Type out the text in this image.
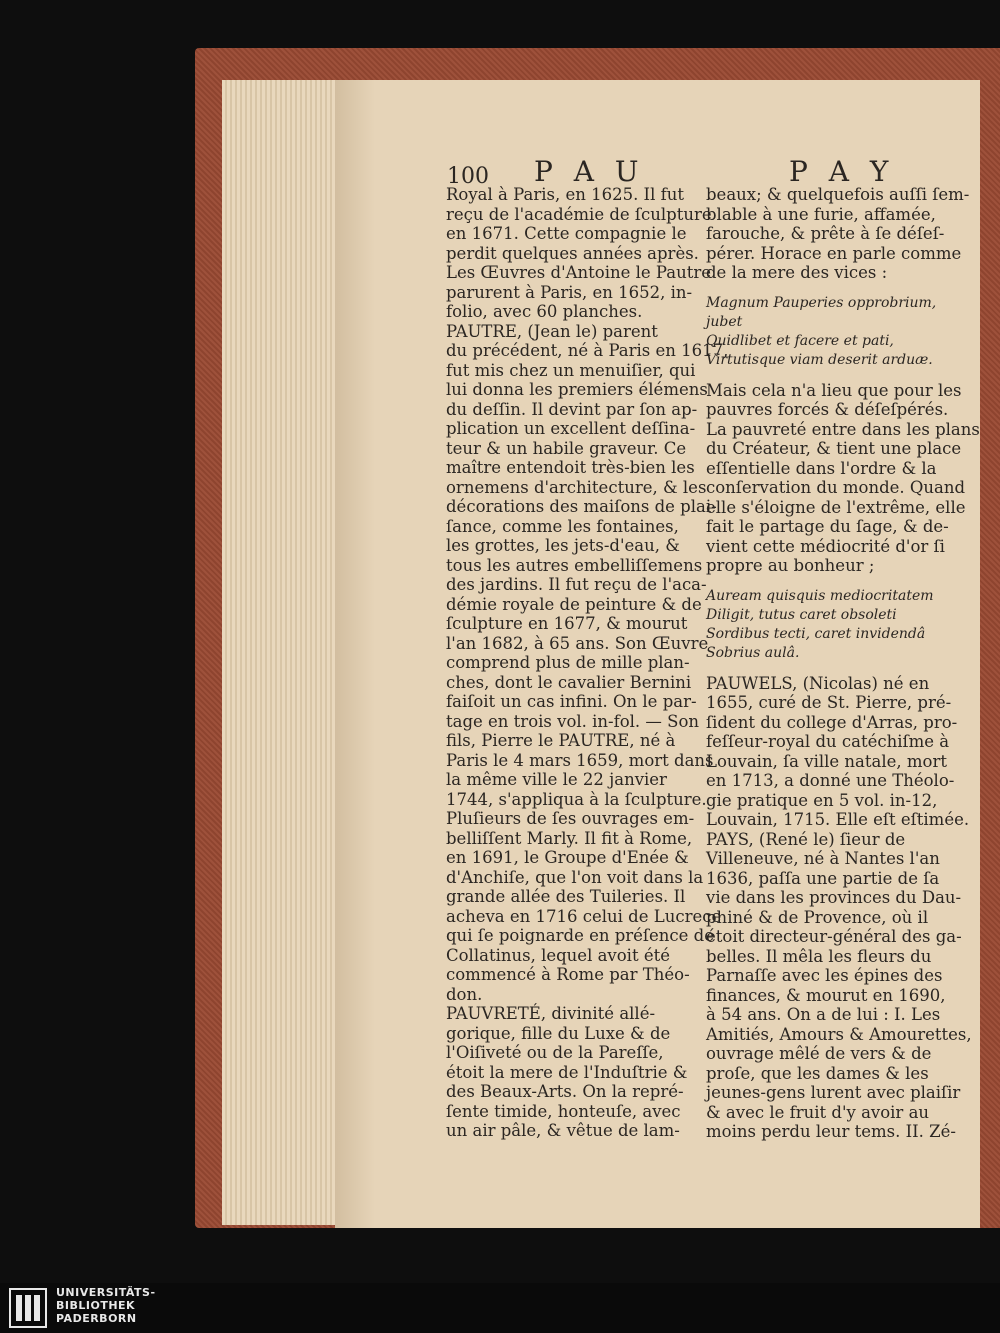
100 P A U	P A Y
Royal à Paris, en 1625. Il fut
reçu de l'académie de ſculpture
en 1671. Cette compagnie le
perdit quelques années après.
Les Œuvres d'Antoine le Pautre
parurent à Paris, en 1652, in-
folio, avec 60 planches.
PAUTRE, (Jean le) parent
du précédent, né à Paris en 1617,
fut mis chez un menuiſier, qui
lui donna les premiers élémens
du deſſin. Il devint par ſon ap-
plication un excellent deſſina-
teur & un habile graveur. Ce
maître entendoit très-bien les
ornemens d'architecture, & les
décorations des maiſons de plai-
ſance, comme les fontaines,
les grottes, les jets-d'eau, &
tous les autres embelliſſemens
des jardins. Il fut reçu de l'aca-
démie royale de peinture & de
ſculpture en 1677, & mourut
l'an 1682, à 65 ans. Son Œuvre
comprend plus de mille plan-
ches, dont le cavalier Bernini
faiſoit un cas infini. On le par-
tage en trois vol. in-fol. — Son
fils, Pierre le PAUTRE, né à
Paris le 4 mars 1659, mort dans
la même ville le 22 janvier
1744, s'appliqua à la ſculpture.
Pluſieurs de ſes ouvrages em-
belliſſent Marly. Il fit à Rome,
en 1691, le Groupe d'Enée &
d'Anchiſe, que l'on voit dans la
grande allée des Tuileries. Il
acheva en 1716 celui de Lucrece
qui ſe poignarde en préſence de
Collatinus, lequel avoit été
commencé à Rome par Théo-
don.
PAUVRETÉ, divinité allé-
gorique, fille du Luxe & de
l'Oiſiveté ou de la Pareſſe,
étoit la mere de l'Induſtrie &
des Beaux-Arts. On la repré-
ſente timide, honteuſe, avec
un air pâle, & vêtue de lam-
beaux; & quelquefois auſſi ſem-
blable à une furie, affamée,
farouche, & prête à ſe déſeſ-
pérer. Horace en parle comme
de la mere des vices :
Magnum Pauperies opprobrium,
jubet
Quidlibet et facere et pati,
Virtutisque viam deserit arduæ.
Mais cela n'a lieu que pour les
pauvres forcés & déſeſpérés.
La pauvreté entre dans les plans
du Créateur, & tient une place
eſſentielle dans l'ordre & la
conſervation du monde. Quand
elle s'éloigne de l'extrême, elle
fait le partage du ſage, & de-
vient cette médiocrité d'or ſi
propre au bonheur ;
Auream quisquis mediocritatem
Diligit, tutus caret obsoleti
Sordibus tecti, caret invidendâ
Sobrius aulâ.
PAUWELS, (Nicolas) né en
1655, curé de St. Pierre, pré-
ſident du college d'Arras, pro-
feſſeur-royal du catéchiſme à
Louvain, ſa ville natale, mort
en 1713, a donné une Théolo-
gie pratique en 5 vol. in-12,
Louvain, 1715. Elle eſt eſtimée.
PAYS, (René le) ſieur de
Villeneuve, né à Nantes l'an
1636, paſſa une partie de ſa
vie dans les provinces du Dau-
phiné & de Provence, où il
étoit directeur-général des ga-
belles. Il mêla les fleurs du
Parnaſſe avec les épines des
finances, & mourut en 1690,
à 54 ans. On a de lui : I. Les
Amitiés, Amours & Amourettes,
ouvrage mêlé de vers & de
proſe, que les dames & les
jeunes-gens lurent avec plaiſir
& avec le fruit d'y avoir au
moins perdu leur tems. II. Zé-
UNIVERSITÄTS-
BIBLIOTHEK
PADERBORN
